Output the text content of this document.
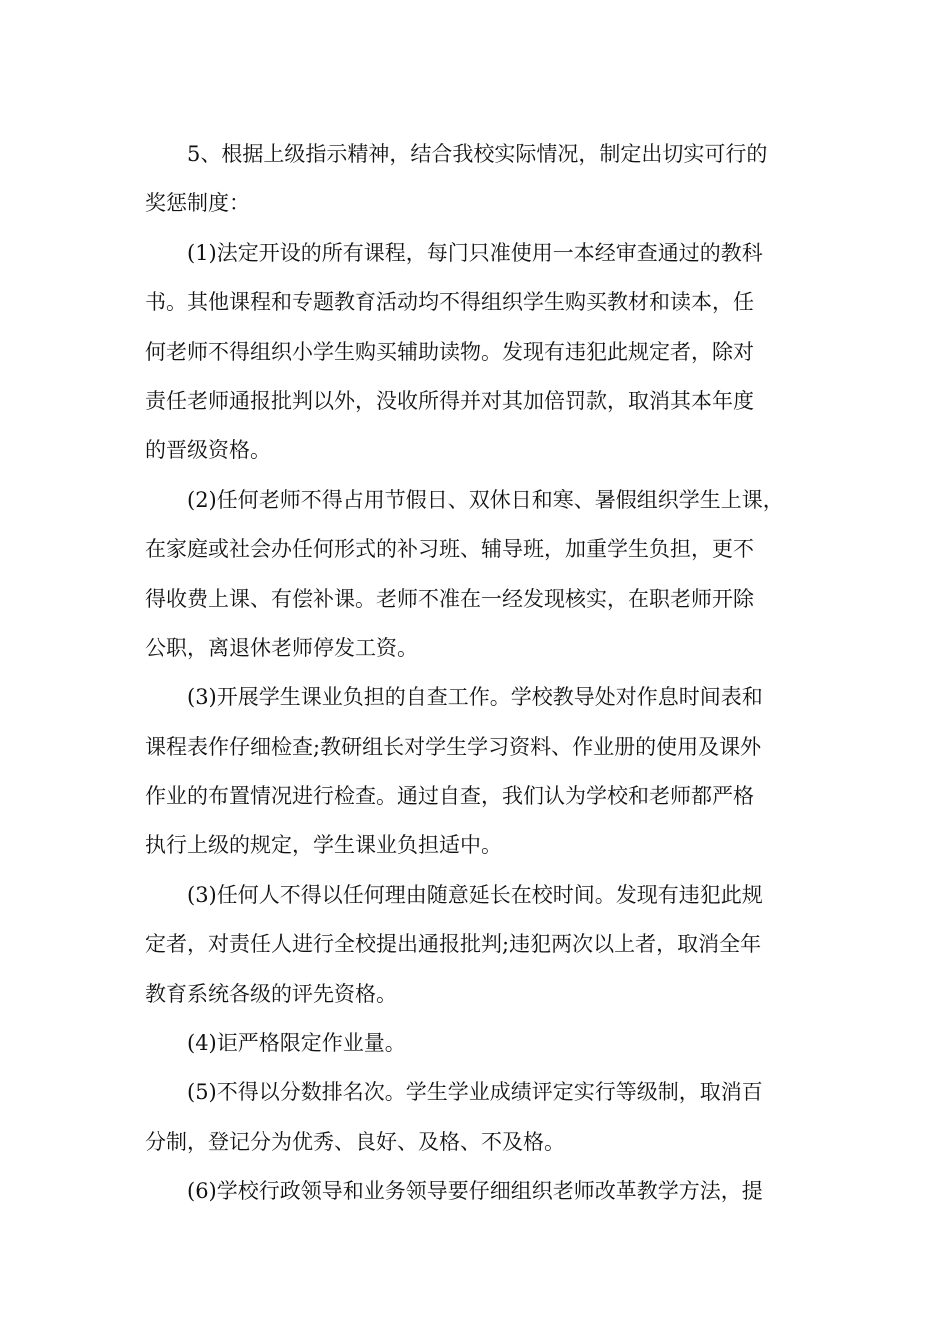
5、根据上级指示精神，结合我校实际情况，制定出切实可行的
奖惩制度：
(1)法定开设的所有课程，每门只准使用一本经审查通过的教科
书。其他课程和专题教育活动均不得组织学生购买教材和读本，任
何老师不得组织小学生购买辅助读物。发现有违犯此规定者，除对
责任老师通报批判以外，没收所得并对其加倍罚款，取消其本年度
的晋级资格。
(2)任何老师不得占用节假日、双休日和寒、暑假组织学生上课，
在家庭或社会办任何形式的补习班、辅导班，加重学生负担，更不
得收费上课、有偿补课。老师不准在一经发现核实，在职老师开除
公职，离退休老师停发工资。
(3)开展学生课业负担的自查工作。学校教导处对作息时间表和
课程表作仔细检查;教研组长对学生学习资料、作业册的使用及课外
作业的布置情况进行检查。通过自查，我们认为学校和老师都严格
执行上级的规定，学生课业负担适中。
(3)任何人不得以任何理由随意延长在校时间。发现有违犯此规
定者，对责任人进行全校提出通报批判;违犯两次以上者，取消全年
教育系统各级的评先资格。
(4)讵严格限定作业量。
(5)不得以分数排名次。学生学业成绩评定实行等级制，取消百
分制，登记分为优秀、良好、及格、不及格。
(6)学校行政领导和业务领导要仔细组织老师改革教学方法，提
